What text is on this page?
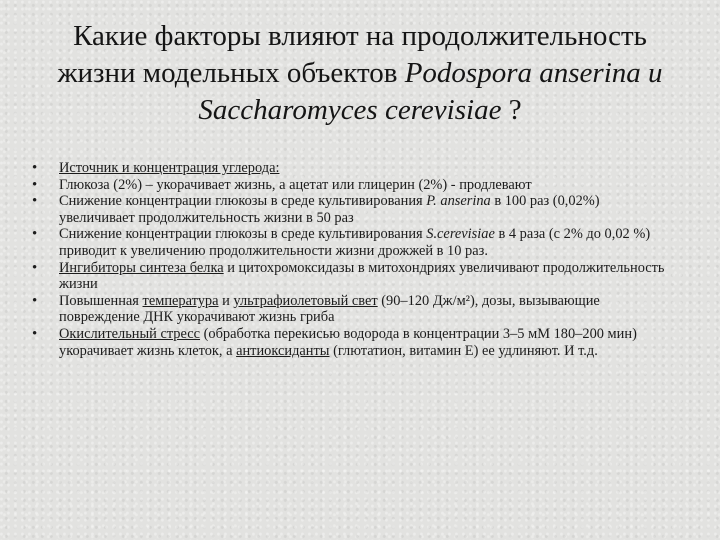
Какие факторы влияют на продолжительность
жизни модельных объектов Podospora anserina и
Saccharomyces cerevisiae ?
• Источник и концентрация углерода:
• Глюкоза (2%) – укорачивает жизнь, а ацетат или глицерин (2%) - продлевают
• Снижение концентрации глюкозы в среде культивирования P. anserina в 100 раз (0,02%) увеличивает продолжительность жизни в 50 раз
• Снижение концентрации глюкозы в среде культивирования S.cerevisiae в 4 раза (с 2% до 0,02 %) приводит к увеличению продолжительности жизни дрожжей в 10 раз.
• Ингибиторы синтеза белка и цитохромоксидазы в митохондриях увеличивают продолжительность жизни
• Повышенная температура и ультрафиолетовый свет (90–120 Дж/м²), дозы, вызывающие повреждение ДНК укорачивают жизнь гриба
• Окислительный стресс (обработка перекисью водорода в концентрации 3–5 мМ 180–200 мин) укорачивает жизнь клеток, а антиоксиданты (глютатион, витамин Е) ее удлиняют. И т.д.
